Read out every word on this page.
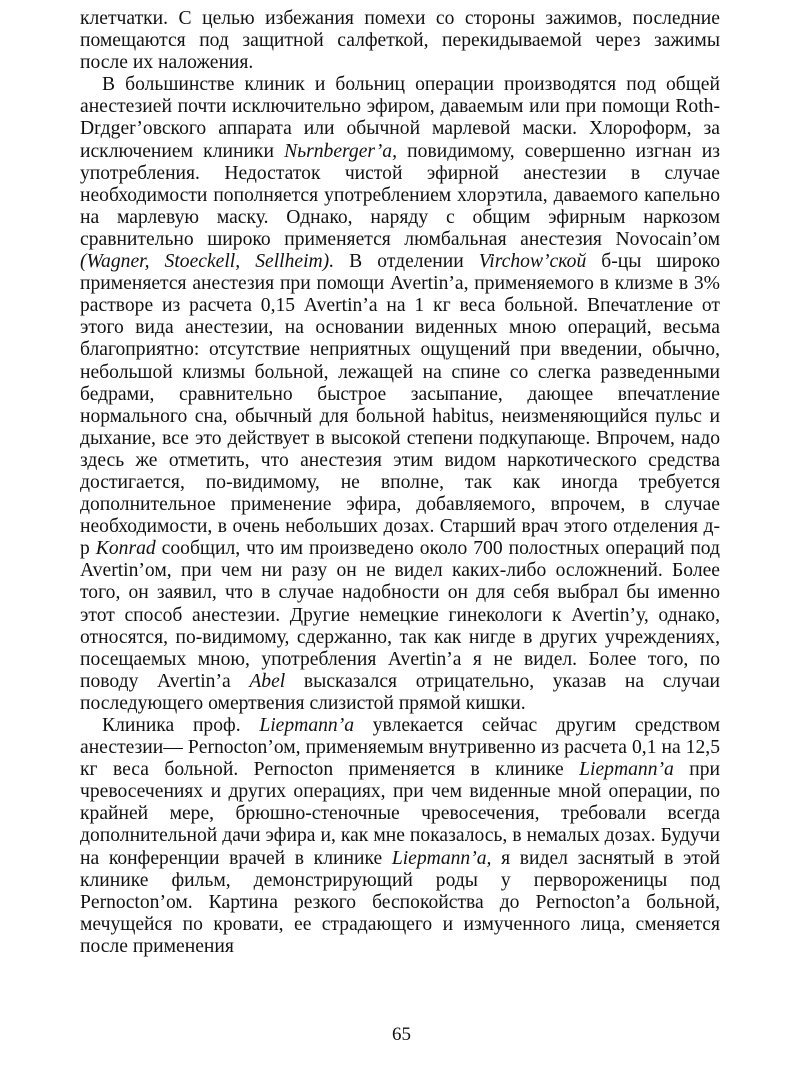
клетчатки. С целью избежания помехи со стороны зажимов, последние помещаются под защитной салфеткой, перекидываемой через зажимы после их наложения.

В большинстве клиник и больниц операции производятся под общей анестезией почти исключительно эфиром, даваемым или при помощи Roth-Drдger’овского аппарата или обычной марлевой маски. Хлороформ, за исключением клиники Nьrnberger’a, повидимому, совершенно изгнан из употребления. Недостаток чистой эфирной анестезии в случае необходимости пополняется употреблением хлорэтила, даваемого капельно на марлевую маску. Однако, наряду с общим эфирным наркозом сравнительно широко применяется люмбальная анестезия Novocain’ом (Wagner, Stoeckell, Sellheim). В отделении Virchow’ской б-цы широко применяется анестезия при помощи Avertin’a, применяемого в клизме в 3% растворе из расчета 0,15 Avertin’a на 1 кг веса больной. Впечатление от этого вида анестезии, на основании виденных мною операций, весьма благоприятно: отсутствие неприятных ощущений при введении, обычно, небольшой клизмы больной, лежащей на спине со слегка разведенными бедрами, сравнительно быстроe засыпание, дающее впечатление нормального сна, обычный для больной habitus, неизменяющийся пульс и дыхание, все это действует в высокой степени подкупающе. Впрочем, надо здесь же отметить, что анестезия этим видом наркотического средства достигается, по-видимому, не вполне, так как иногда требуется дополнительное применение эфира, добавляемого, впрочем, в случае необходимости, в очень небольших дозах. Старший врач этого отделения д-р Konrad сообщил, что им произведено около 700 полостных операций под Avertin’ом, при чем ни разу он не видел каких-либо осложнений. Более того, он заявил, что в случае надобности он для себя выбрал бы именно этот способ анестезии. Другие немецкие гинекологи к Avertin’у, однако, относятся, по-видимому, сдержанно, так как нигде в других учреждениях, посещаемых мною, употребления Avertin’a я не видел. Более того, по поводу Avertin’a Abel высказался отрицательно, указав на случаи последующего омертвения слизистой прямой кишки.

Клиника проф. Liepmann’a увлекается сейчас другим средством анестезии— Pernocton’ом, применяемым внутривенно из расчета 0,1 на 12,5 кг веса больной. Pernocton применяется в клинике Liepmann’a при чревосечениях и других операциях, при чем виденные мной операции, по крайней мере, брюшно-стеночные чревосечения, требовали всегда дополнительной дачи эфира и, как мне показалось, в немалых дозах. Будучи на конференции врачей в клинике Liepmann’a, я видел заснятый в этой клинике фильм, демонстрирующий роды у первороженицы под Pernocton’ом. Картина резкого беспокойства до Pernocton’a больной, мечущейся по кровати, ее страдающего и измученного лица, сменяется после применения

65
